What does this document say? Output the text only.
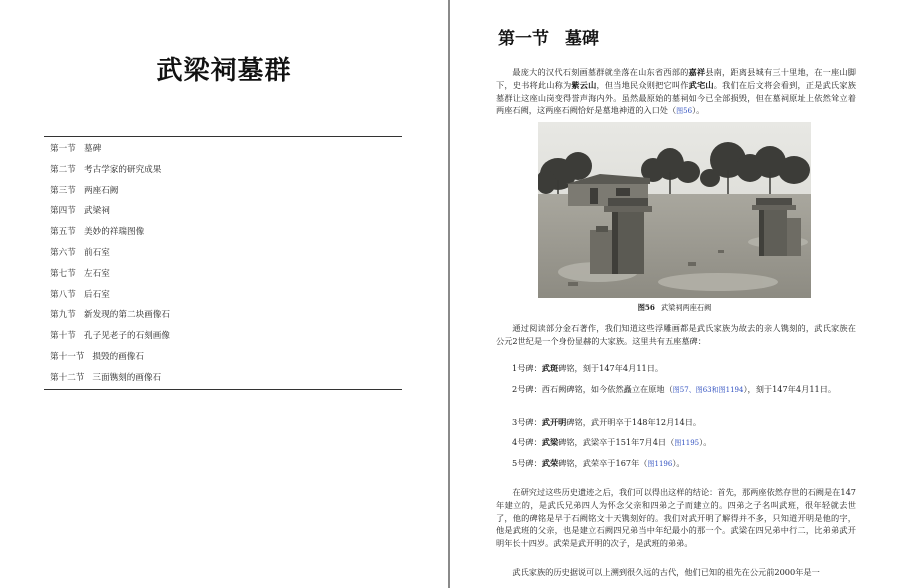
武梁祠墓群
第一节 墓碑
第二节 考古学家的研究成果
第三节 两座石阙
第四节 武梁祠
第五节 美妙的祥瑞图像
第六节 前石室
第七节 左石室
第八节 后石室
第九节 新发现的第二块画像石
第十节 孔子见老子的石刻画像
第十一节 损毁的画像石
第十二节 三面镌刻的画像石
第一节 墓碑

最庞大的汉代石刻画墓群就坐落在山东省西部的嘉祥县南，距离县城有三十里地，在一座山脚下，史书将此山称为紫云山，但当地民众则把它叫作武宅山。我们在后文将会看到，正是武氏家族墓群让这座山岗变得誉声海内外。虽然最原始的墓祠如今已全部损毁，但在墓祠原址上依然耸立着两座石阙，这两座石阙恰好是墓地神道的入口处（图56）。

图56 武梁祠两座石阙

通过阅读部分金石著作，我们知道这些浮雕画都是武氏家族为故去的亲人镌刻的，武氏家族在公元2世纪是一个身份显赫的大家族。这里共有五座墓碑：

1号碑：武斑碑铭，刻于147年4月11日。

2号碑：西石阙碑铭，如今依然矗立在原地（图57、图63和图1194），刻于147年4月11日。

3号碑：武开明碑铭，武开明卒于148年12月14日。

4号碑：武梁碑铭，武梁卒于151年7月4日（图1195）。

5号碑：武荣碑铭，武荣卒于167年（图1196）。

在研究过这些历史遗迹之后，我们可以得出这样的结论：首先，那两座依然存世的石阙是在147年建立的，是武氏兄弟四人为怀念父亲和四弟之子而建立的。四弟之子名叫武班，很年轻就去世了，他的碑铭是早于石阙铭文十天镌刻好的。我们对武开明了解得并不多，只知道开明是他的字，他是武班的父亲，也是建立石阙四兄弟当中年纪最小的那一个。武梁在四兄弟中行二，比弟弟武开明年长十四岁。武荣是武开明的次子，是武班的弟弟。

武氏家族的历史据说可以上溯到很久远的古代，他们已知的祖先在公元前2000年是一
